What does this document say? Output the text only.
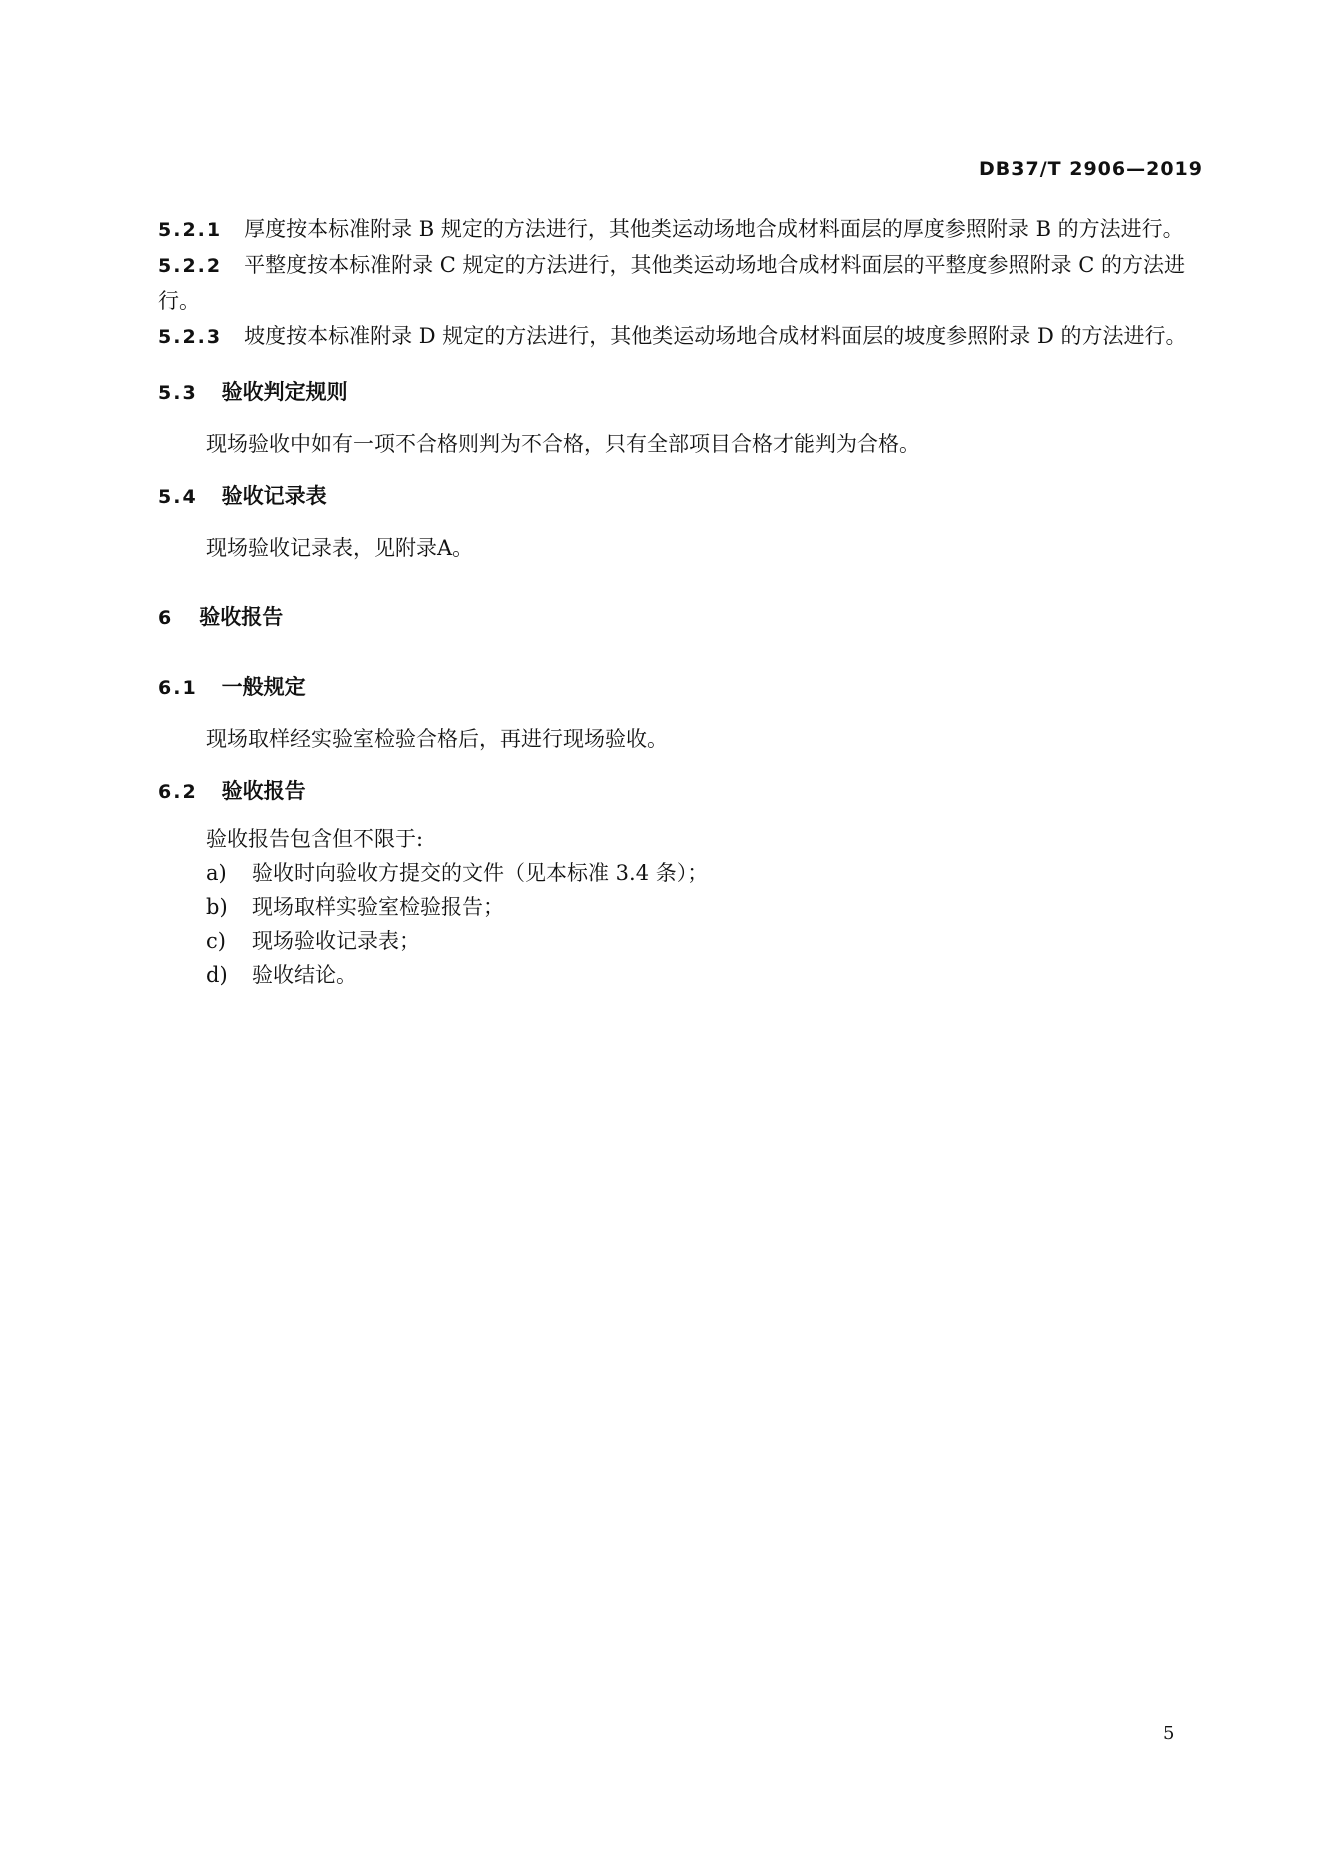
DB37/T 2906—2019

5.2.1 厚度按本标准附录 B 规定的方法进行，其他类运动场地合成材料面层的厚度参照附录 B 的方法进行。

5.2.2 平整度按本标准附录 C 规定的方法进行，其他类运动场地合成材料面层的平整度参照附录 C 的方法进行。

5.2.3 坡度按本标准附录 D 规定的方法进行，其他类运动场地合成材料面层的坡度参照附录 D 的方法进行。

5.3 验收判定规则
现场验收中如有一项不合格则判为不合格，只有全部项目合格才能判为合格。
5.4 验收记录表
现场验收记录表，见附录A。
6 验收报告
6.1 一般规定
现场取样经实验室检验合格后，再进行现场验收。
6.2 验收报告
验收报告包含但不限于:
a) 验收时向验收方提交的文件（见本标准 3.4 条）；
b) 现场取样实验室检验报告；
c) 现场验收记录表；
d) 验收结论。
5
